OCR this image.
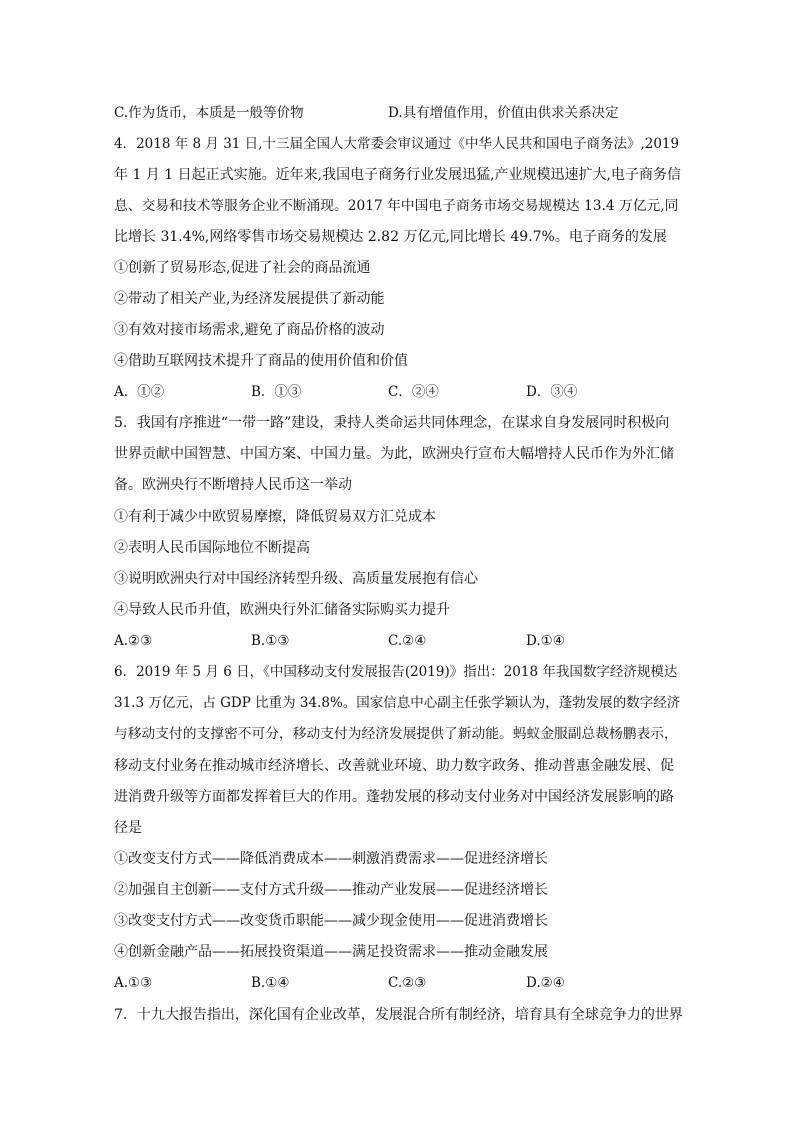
C.作为货币，本质是一般等价物	D.具有增值作用，价值由供求关系决定
4．2018 年 8 月 31 日,十三届全国人大常委会审议通过《中华人民共和国电子商务法》,2019
年 1 月 1 日起正式实施。近年来,我国电子商务行业发展迅猛,产业规模迅速扩大,电子商务信
息、交易和技术等服务企业不断涌现。2017 年中国电子商务市场交易规模达 13.4 万亿元,同
比增长 31.4%,网络零售市场交易规模达 2.82 万亿元,同比增长 49.7%。电子商务的发展
①创新了贸易形态,促进了社会的商品流通
②带动了相关产业,为经济发展提供了新动能
③有效对接市场需求,避免了商品价格的波动
④借助互联网技术提升了商品的使用价值和价值
A．①②	B．①③	C．②④	D．③④
5．我国有序推进“一带一路”建设，秉持人类命运共同体理念，在谋求自身发展同时积极向
世界贡献中国智慧、中国方案、中国力量。为此，欧洲央行宣布大幅增持人民币作为外汇储
备。欧洲央行不断增持人民币这一举动
①有利于减少中欧贸易摩擦，降低贸易双方汇兑成本
②表明人民币国际地位不断提高
③说明欧洲央行对中国经济转型升级、高质量发展抱有信心
④导致人民币升值，欧洲央行外汇储备实际购买力提升
A.②③	B.①③	C.②④	D.①④
6．2019 年 5 月 6 日，《中国移动支付发展报告(2019)》指出：2018 年我国数字经济规模达
31.3 万亿元，占 GDP 比重为 34.8%。国家信息中心副主任张学颖认为，蓬勃发展的数字经济
与移动支付的支撑密不可分，移动支付为经济发展提供了新动能。蚂蚁金服副总裁杨鹏表示，
移动支付业务在推动城市经济增长、改善就业环境、助力数字政务、推动普惠金融发展、促
进消费升级等方面都发挥着巨大的作用。蓬勃发展的移动支付业务对中国经济发展影响的路
径是
①改变支付方式——降低消费成本——刺激消费需求——促进经济增长
②加强自主创新——支付方式升级——推动产业发展——促进经济增长
③改变支付方式——改变货币职能——减少现金使用——促进消费增长
④创新金融产品——拓展投资渠道——满足投资需求——推动金融发展
A.①③	B.①④	C.②③	D.②④
7．十九大报告指出，深化国有企业改革，发展混合所有制经济，培育具有全球竞争力的世界
